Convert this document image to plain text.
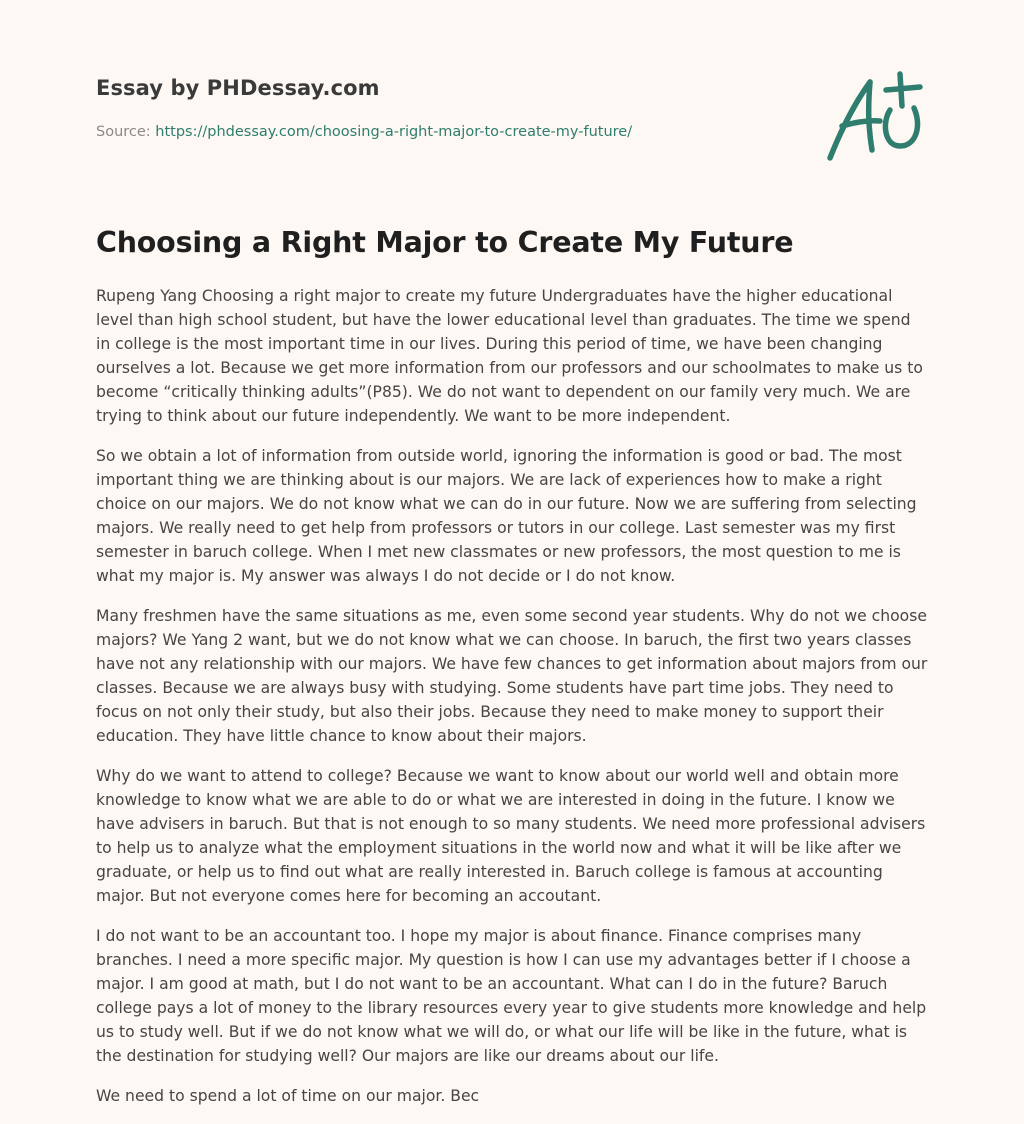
Essay by PHDessay.com
Source: https://phdessay.com/choosing-a-right-major-to-create-my-future/
Choosing a Right Major to Create My Future

Rupeng Yang Choosing a right major to create my future Undergraduates have the higher educational level than high school student, but have the lower educational level than graduates. The time we spend in college is the most important time in our lives. During this period of time, we have been changing ourselves a lot. Because we get more information from our professors and our schoolmates to make us to become “critically thinking adults”(P85). We do not want to dependent on our family very much. We are trying to think about our future independently. We want to be more independent.

So we obtain a lot of information from outside world, ignoring the information is good or bad. The most important thing we are thinking about is our majors. We are lack of experiences how to make a right choice on our majors. We do not know what we can do in our future. Now we are suffering from selecting majors. We really need to get help from professors or tutors in our college. Last semester was my first semester in baruch college. When I met new classmates or new professors, the most question to me is what my major is. My answer was always I do not decide or I do not know.

Many freshmen have the same situations as me, even some second year students. Why do not we choose majors? We Yang 2 want, but we do not know what we can choose. In baruch, the first two years classes have not any relationship with our majors. We have few chances to get information about majors from our classes. Because we are always busy with studying. Some students have part time jobs. They need to focus on not only their study, but also their jobs. Because they need to make money to support their education. They have little chance to know about their majors.

Why do we want to attend to college? Because we want to know about our world well and obtain more knowledge to know what we are able to do or what we are interested in doing in the future. I know we have advisers in baruch. But that is not enough to so many students. We need more professional advisers to help us to analyze what the employment situations in the world now and what it will be like after we graduate, or help us to find out what are really interested in. Baruch college is famous at accounting major. But not everyone comes here for becoming an accoutant.

I do not want to be an accountant too. I hope my major is about finance. Finance comprises many branches. I need a more specific major. My question is how I can use my advantages better if I choose a major. I am good at math, but I do not want to be an accountant. What can I do in the future? Baruch college pays a lot of money to the library resources every year to give students more knowledge and help us to study well. But if we do not know what we will do, or what our life will be like in the future, what is the destination for studying well? Our majors are like our dreams about our life.

We need to spend a lot of time on our major. Bec
